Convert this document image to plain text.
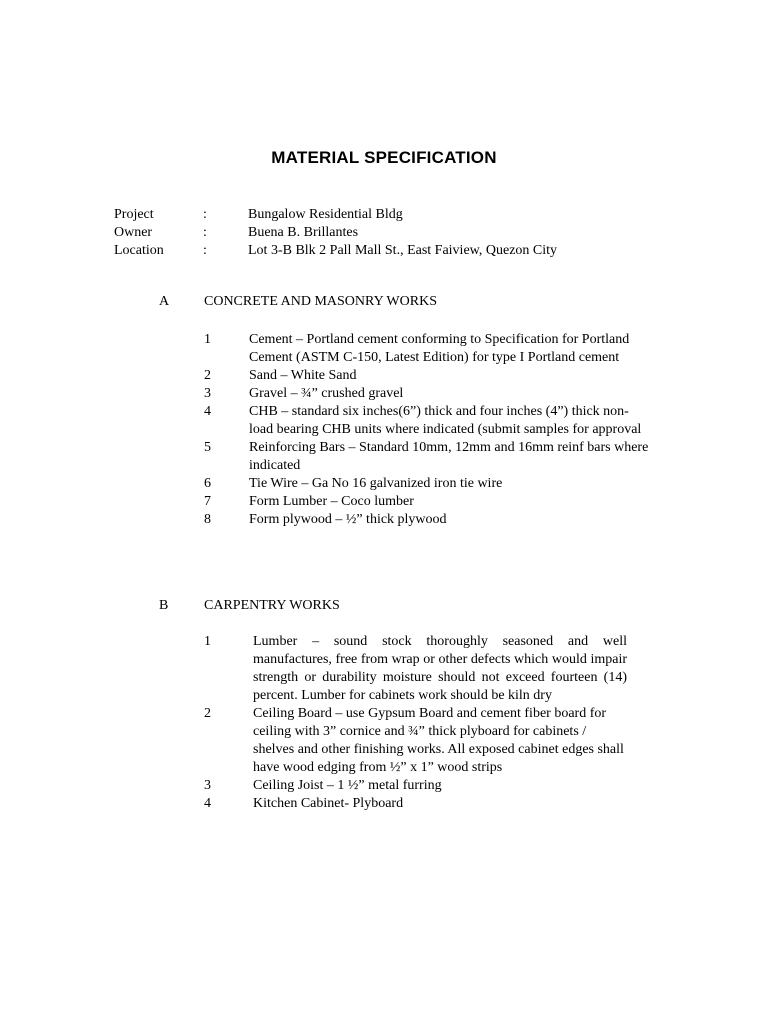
MATERIAL SPECIFICATION
Project	:	Bungalow Residential Bldg
Owner	:	Buena B. Brillantes
Location	:	Lot 3-B Blk 2 Pall Mall St., East Faiview, Quezon City
A CONCRETE AND MASONRY WORKS
1	Cement – Portland cement conforming to Specification for Portland Cement (ASTM C-150, Latest Edition) for type I Portland cement
2	Sand – White Sand
3	Gravel – ¾” crushed gravel
4	CHB – standard six inches(6”) thick and four inches (4”) thick non-load bearing CHB units where indicated (submit samples for approval
5	Reinforcing Bars – Standard 10mm, 12mm and 16mm reinf bars where indicated
6	Tie Wire – Ga No 16 galvanized iron tie wire
7	Form Lumber – Coco lumber
8	Form plywood – ½” thick plywood
B	CARPENTRY WORKS
1	Lumber – sound stock thoroughly seasoned and well manufactures, free from wrap or other defects which would impair strength or durability moisture should not exceed fourteen (14) percent. Lumber for cabinets work should be kiln dry
2	Ceiling Board – use Gypsum Board and cement fiber board for ceiling with 3” cornice and ¾” thick plyboard for cabinets / shelves and other finishing works. All exposed cabinet edges shall have wood edging from ½” x 1” wood strips
3	Ceiling Joist – 1 ½” metal furring
4	Kitchen Cabinet- Plyboard
